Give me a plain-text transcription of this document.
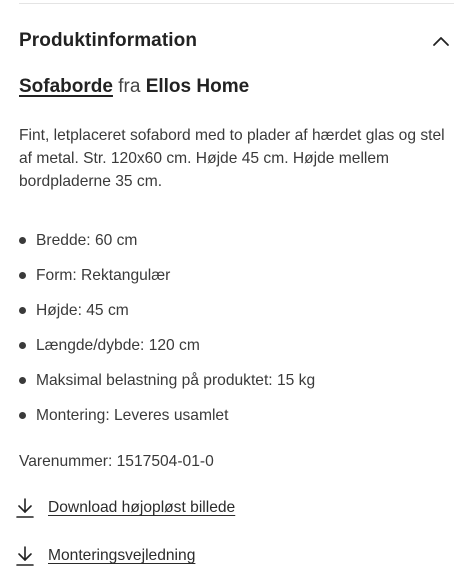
Produktinformation
Sofaborde fra Ellos Home

Fint, letplaceret sofabord med to plader af hærdet glas og stel af metal. Str. 120x60 cm. Højde 45 cm. Højde mellem bordpladerne 35 cm.

Bredde: 60 cm
Form: Rektangulær
Højde: 45 cm
Længde/dybde: 120 cm
Maksimal belastning på produktet: 15 kg
Montering: Leveres usamlet
Varenummer: 1517504-01-0
Download højopløst billede
Monteringsvejledning
